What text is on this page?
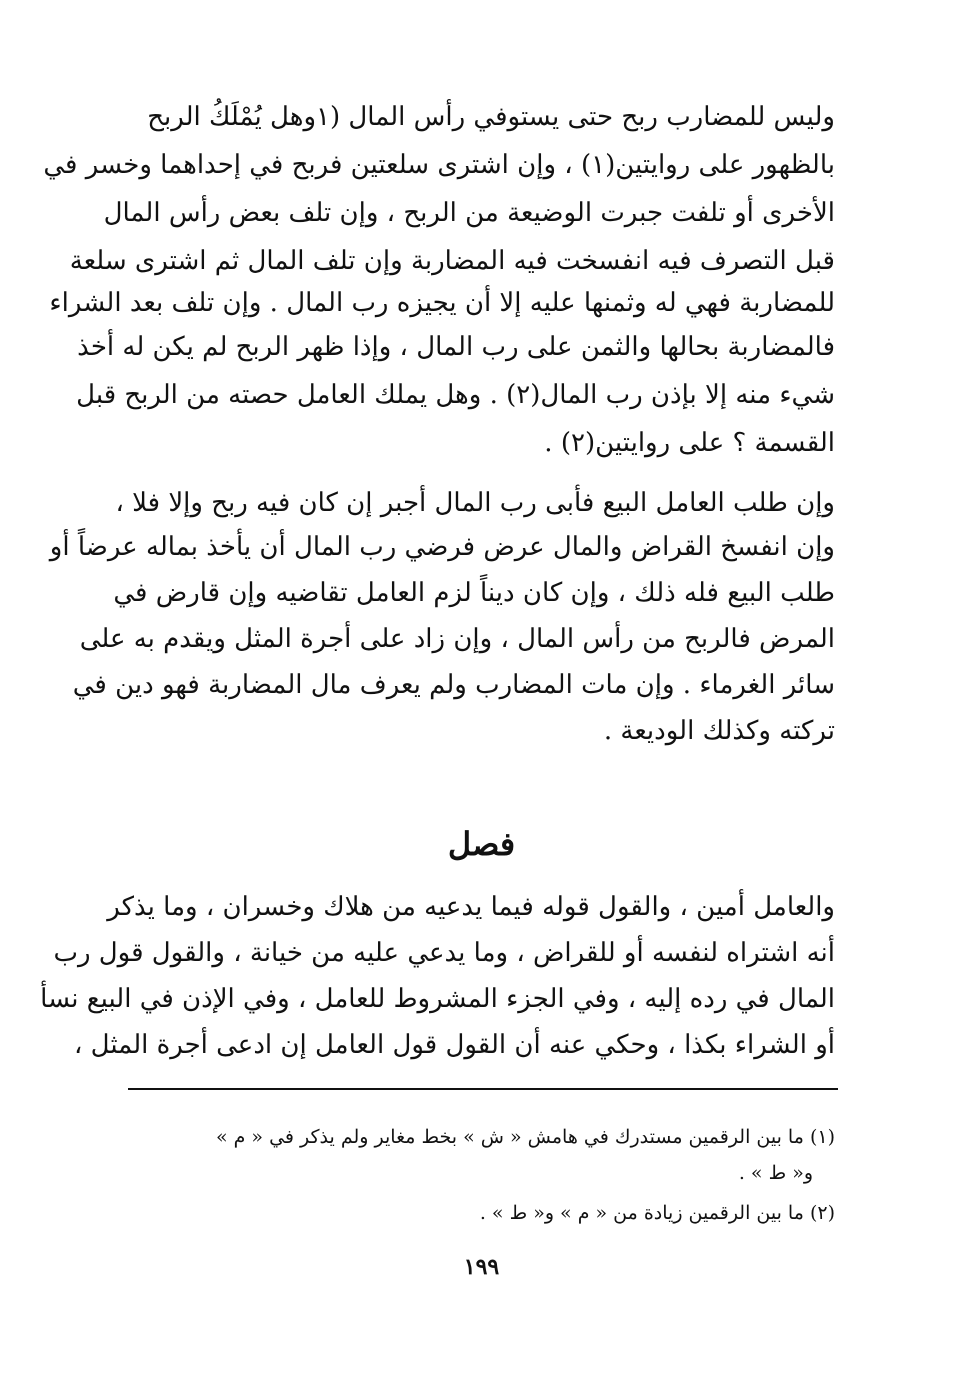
وليس للمضارب ربح حتى يستوفي رأس المال (١وهل يُمْلَكُ الربح
بالظهور على روايتين(١) ، وإن اشترى سلعتين فربح في إحداهما وخسر في
الأخرى أو تلفت جبرت الوضيعة من الربح ، وإن تلف بعض رأس المال
قبل التصرف فيه انفسخت فيه المضاربة وإن تلف المال ثم اشترى سلعة
للمضاربة فهي له وثمنها عليه إلا أن يجيزه رب المال . وإن تلف بعد الشراء
فالمضاربة بحالها والثمن على رب المال ، وإذا ظهر الربح لم يكن له أخذ
شيء منه إلا بإذن رب المال(٢) . وهل يملك العامل حصته من الربح قبل
القسمة ؟ على روايتين(٢) .
وإن طلب العامل البيع فأبى رب المال أجبر إن كان فيه ربح وإلا فلا ،
وإن انفسخ القراض والمال عرض فرضي رب المال أن يأخذ بماله عرضاً أو
طلب البيع فله ذلك ، وإن كان ديناً لزم العامل تقاضيه وإن قارض في
المرض فالربح من رأس المال ، وإن زاد على أجرة المثل ويقدم به على
سائر الغرماء . وإن مات المضارب ولم يعرف مال المضاربة فهو دين في
تركته وكذلك الوديعة .
فصل
والعامل أمين ، والقول قوله فيما يدعيه من هلاك وخسران ، وما يذكر
أنه اشتراه لنفسه أو للقراض ، وما يدعي عليه من خيانة ، والقول قول رب
المال في رده إليه ، وفي الجزء المشروط للعامل ، وفي الإذن في البيع نسأ
أو الشراء بكذا ، وحكي عنه أن القول قول العامل إن ادعى أجرة المثل ،
(١) ما بين الرقمين مستدرك في هامش « ش » بخط مغاير ولم يذكر في « م »
و« ط » .
(٢) ما بين الرقمين زيادة من « م » و« ط » .
١٩٩
